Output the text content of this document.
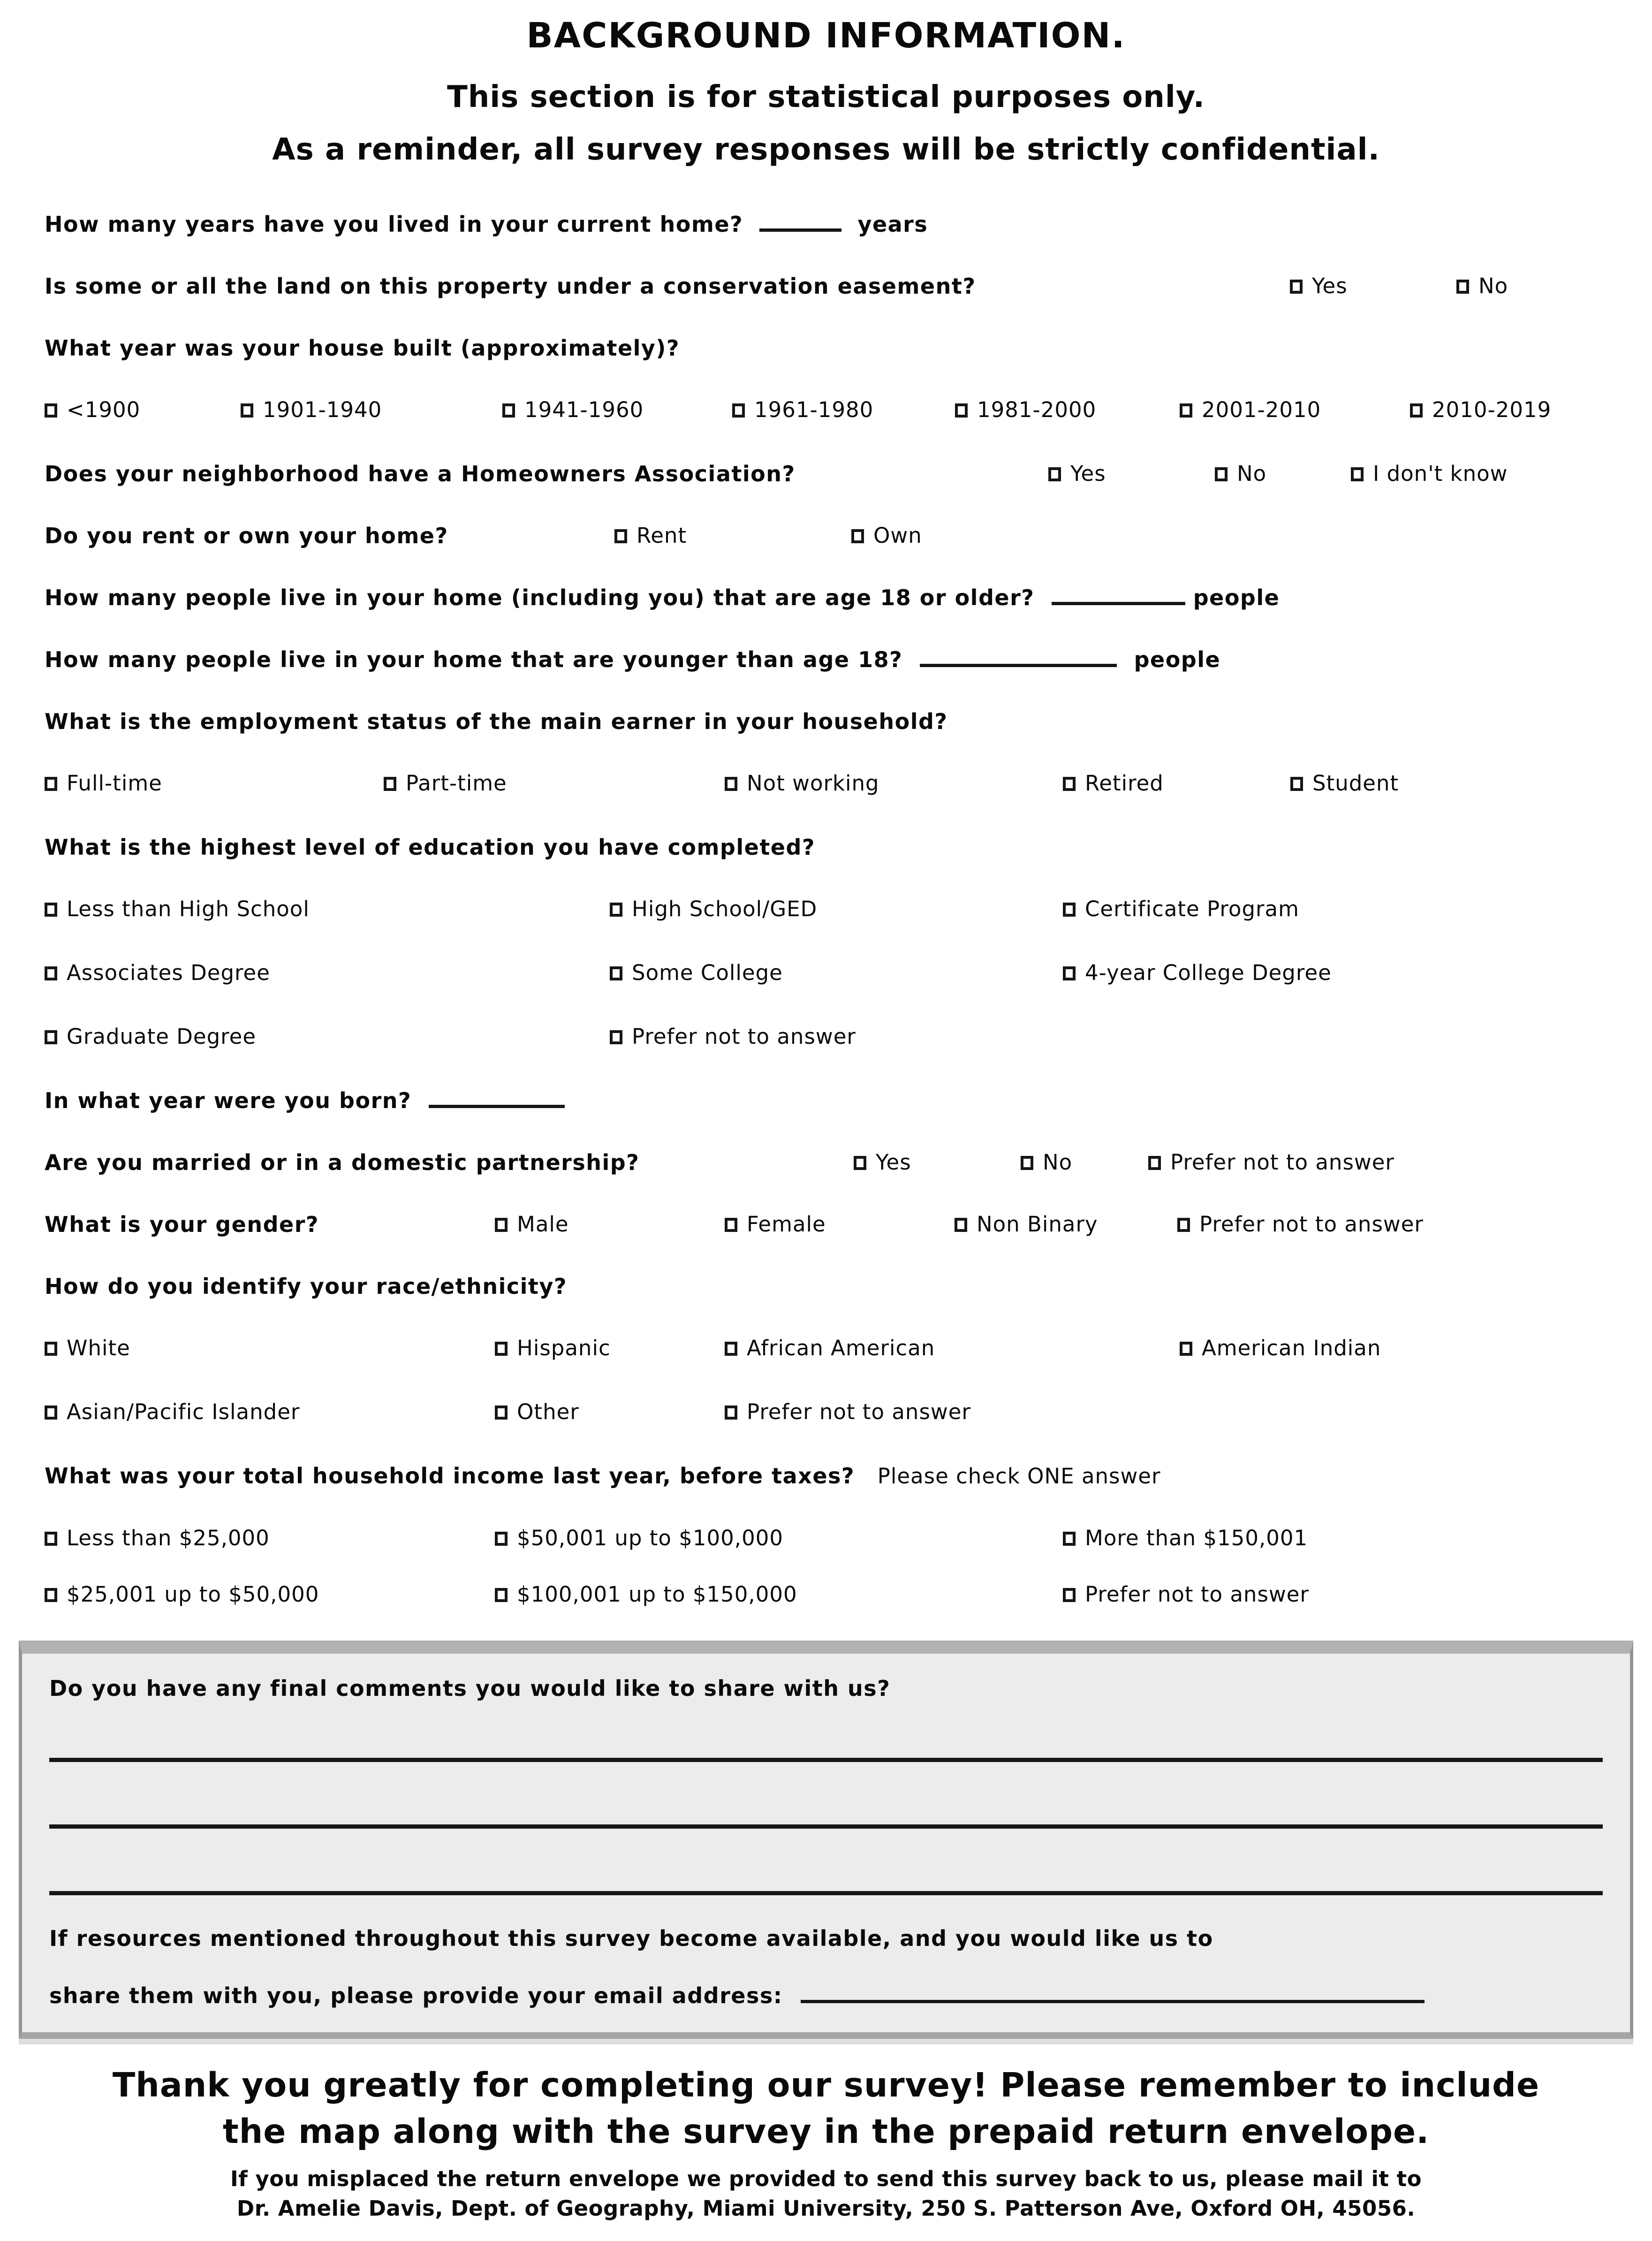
BACKGROUND INFORMATION.
This section is for statistical purposes only.
As a reminder, all survey responses will be strictly confidential.
How many years have you lived in your current home?	years
Is some or all the land on this property under a conservation easement?	Yes	No
What year was your house built (approximately)?
<1900	1901-1940	1941-1960	1961-1980	1981-2000	2001-2010	2010-2019
Does your neighborhood have a Homeowners Association?	Yes	No	I don't know
Do you rent or own your home?	Rent	Own
How many people live in your home (including you) that are age 18 or older?	people
How many people live in your home that are younger than age 18?	people
What is the employment status of the main earner in your household?
Full-time	Part-time	Not working	Retired	Student
What is the highest level of education you have completed?
Less than High School	High School/GED	Certificate Program
Associates Degree	Some College	4-year College Degree
Graduate Degree	Prefer not to answer
In what year were you born?
Are you married or in a domestic partnership?	Yes	No	Prefer not to answer
What is your gender?	Male	Female	Non Binary	Prefer not to answer
How do you identify your race/ethnicity?
White	Hispanic	African American	American Indian
Asian/Pacific Islander	Other	Prefer not to answer
What was your total household income last year, before taxes? Please check ONE answer
Less than $25,000	$50,001 up to $100,000	More than $150,001
$25,001 up to $50,000	$100,001 up to $150,000	Prefer not to answer
Do you have any final comments you would like to share with us?
If resources mentioned throughout this survey become available, and you would like us to
share them with you, please provide your email address:
Thank you greatly for completing our survey! Please remember to include
the map along with the survey in the prepaid return envelope.
If you misplaced the return envelope we provided to send this survey back to us, please mail it to
Dr. Amelie Davis, Dept. of Geography, Miami University, 250 S. Patterson Ave, Oxford OH, 45056.
